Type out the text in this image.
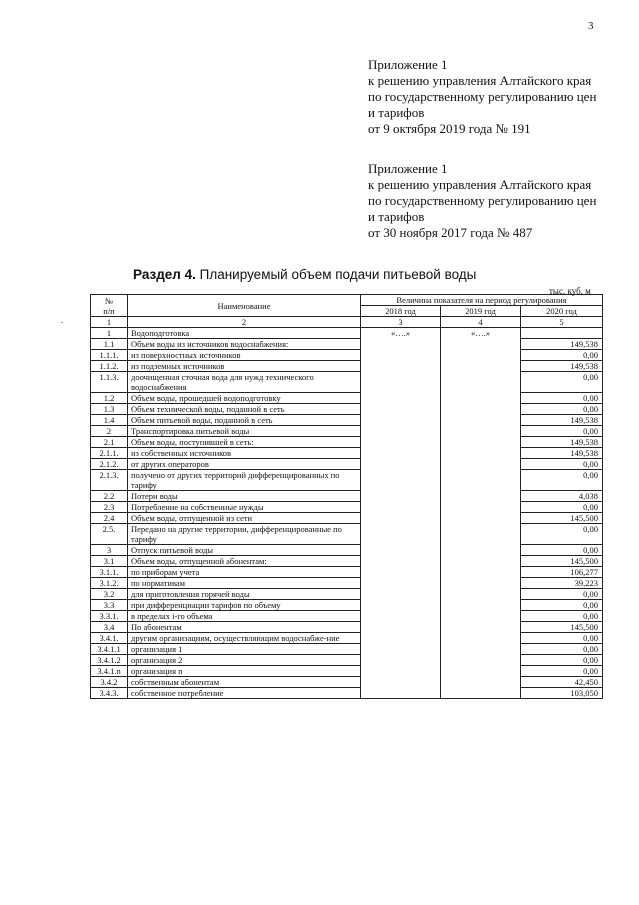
3
Приложение 1
к решению управления Алтайского края
по государственному регулированию цен
и тарифов
от 9 октября 2019 года № 191
Приложение 1
к решению управления Алтайского края
по государственному регулированию цен
и тарифов
от 30 ноября 2017 года № 487
Раздел 4. Планируемый объем подачи питьевой воды
тыс. куб. м
№
п/п	Наименование	Величина показателя на период регулирования		
		2018 год	2019 год	2020 год
1	2	3	4	5
1	Водоподготовка	«….»	«….»	
1.1	Объем воды из источников водоснабжения:			149,538
1.1.1.	из поверхностных источников			0,00
1.1.2.	из подземных источников			149,538
1.1.3.	доочищенная сточная вода для нужд технического водоснабжения			0,00
1.2	Объем воды, прошедшей водоподготовку			0,00
1.3	Объем технической воды, поданной в сеть			0,00
1.4	Объем питьевой воды, поданной в сеть			149,538
2	Транспортировка питьевой воды			0,00
2.1	Объем воды, поступившей в сеть:			149,538
2.1.1.	из собственных источников			149,538
2.1.2.	от других операторов			0,00
2.1.3.	получено от других территорий дифференцированных по тарифу			0,00
2.2	Потери воды			4,038
2.3	Потребление на собственные нужды			0,00
2.4	Объем воды, отпущенной из сети			145,500
2.5.	Передано на другие территории, дифференцированные по тарифу			0,00
3	Отпуск питьевой воды			0,00
3.1	Объем воды, отпущенной абонентам:			145,500
3.1.1.	по приборам учета			106,277
3.1.2.	по нормативам			39,223
3.2	для приготовления горячей воды			0,00
3.3	при дифференциации тарифов по объему			0,00
3.3.1.	в пределах i-го объема			0,00
3.4	По абонентам			145,500
3.4.1.	другим организациям, осуществляющим водоснабже-ние			0,00
3.4.1.1	организация 1			0,00
3.4.1.2	организация 2			0,00
3.4.1.n	организация n			0,00
3.4.2	собственным абонентам			42,450
3.4.3.	собственное потребление			103,050
